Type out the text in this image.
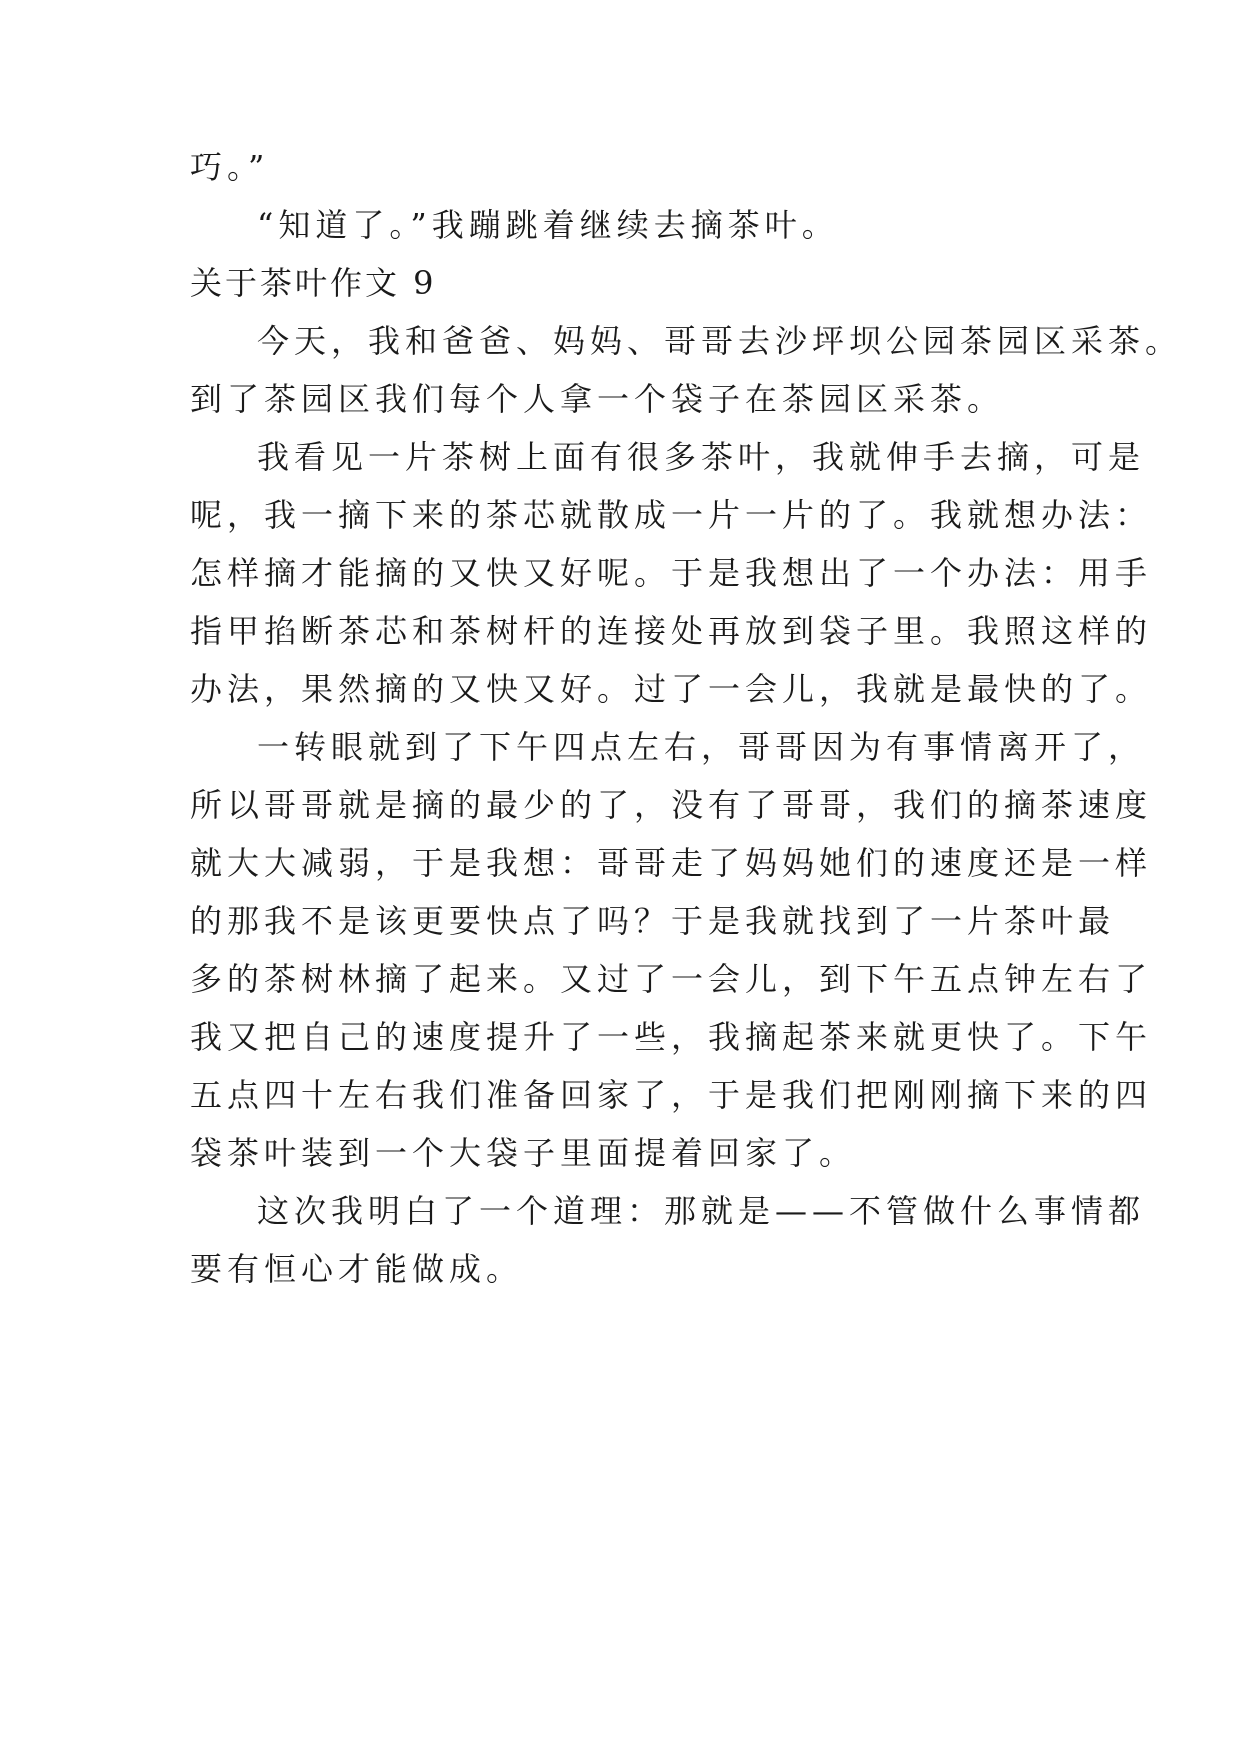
巧。”
“知道了。”我蹦跳着继续去摘茶叶。
关于茶叶作文 9
今天，我和爸爸、妈妈、哥哥去沙坪坝公园茶园区采茶。
到了茶园区我们每个人拿一个袋子在茶园区采茶。
我看见一片茶树上面有很多茶叶，我就伸手去摘，可是
呢，我一摘下来的茶芯就散成一片一片的了。我就想办法：
怎样摘才能摘的又快又好呢。于是我想出了一个办法：用手
指甲掐断茶芯和茶树杆的连接处再放到袋子里。我照这样的
办法，果然摘的又快又好。过了一会儿，我就是最快的了。
一转眼就到了下午四点左右，哥哥因为有事情离开了，
所以哥哥就是摘的最少的了，没有了哥哥，我们的摘茶速度
就大大减弱，于是我想：哥哥走了妈妈她们的速度还是一样
的那我不是该更要快点了吗？于是我就找到了一片茶叶最
多的茶树林摘了起来。又过了一会儿，到下午五点钟左右了
我又把自己的速度提升了一些，我摘起茶来就更快了。下午
五点四十左右我们准备回家了，于是我们把刚刚摘下来的四
袋茶叶装到一个大袋子里面提着回家了。
这次我明白了一个道理：那就是——不管做什么事情都
要有恒心才能做成。
